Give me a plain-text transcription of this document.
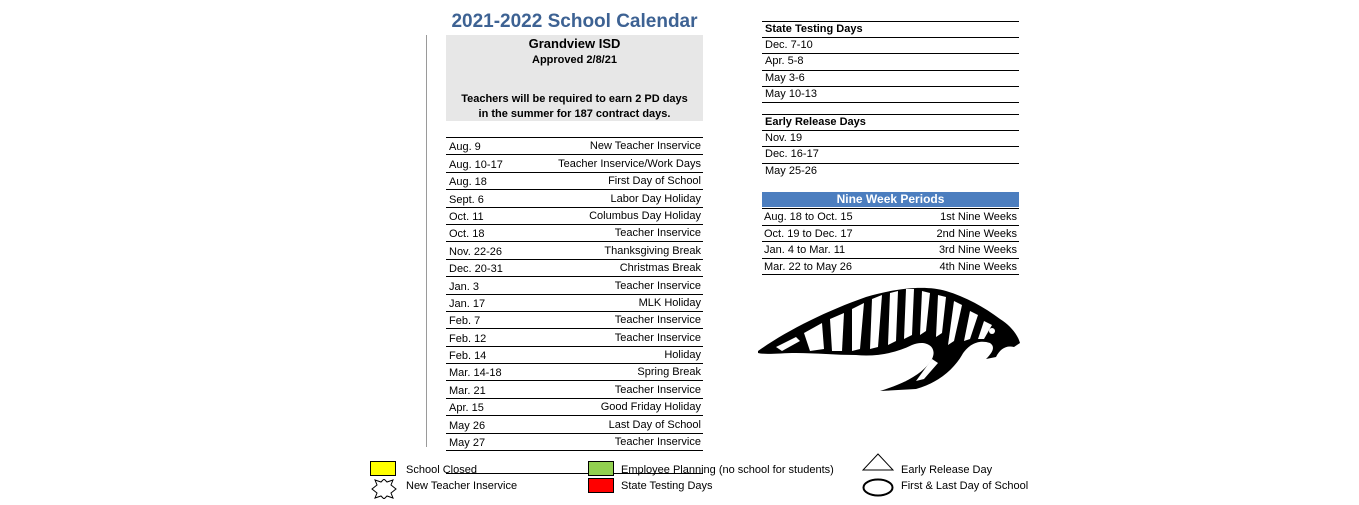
2021-2022 School Calendar
Grandview ISD
Approved 2/8/21
Teachers will be required to earn 2 PD days
in the summer for 187 contract days.
Aug. 9	New Teacher Inservice
Aug. 10-17	Teacher Inservice/Work Days
Aug. 18	First Day of School
Sept. 6	Labor Day Holiday
Oct. 11	Columbus Day Holiday
Oct. 18	Teacher Inservice
Nov. 22-26	Thanksgiving Break
Dec. 20-31	Christmas Break
Jan. 3	Teacher Inservice
Jan. 17	MLK Holiday
Feb. 7	Teacher Inservice
Feb. 12	Teacher Inservice
Feb. 14	Holiday
Mar. 14-18	Spring Break
Mar. 21	Teacher Inservice
Apr. 15	Good Friday Holiday
May 26	Last Day of School
May 27	Teacher Inservice
State Testing Days
Dec. 7-10
Apr. 5-8
May 3-6
May 10-13
Early Release Days
Nov. 19
Dec. 16-17
May 25-26
Nine Week Periods
Aug. 18 to Oct. 15	1st Nine Weeks
Oct. 19 to Dec. 17	2nd Nine Weeks
Jan. 4 to Mar. 11	3rd Nine Weeks
Mar. 22 to May 26	4th Nine Weeks
School Closed
New Teacher Inservice
Employee Planning (no school for students)
State Testing Days
Early Release Day
First & Last Day of School
